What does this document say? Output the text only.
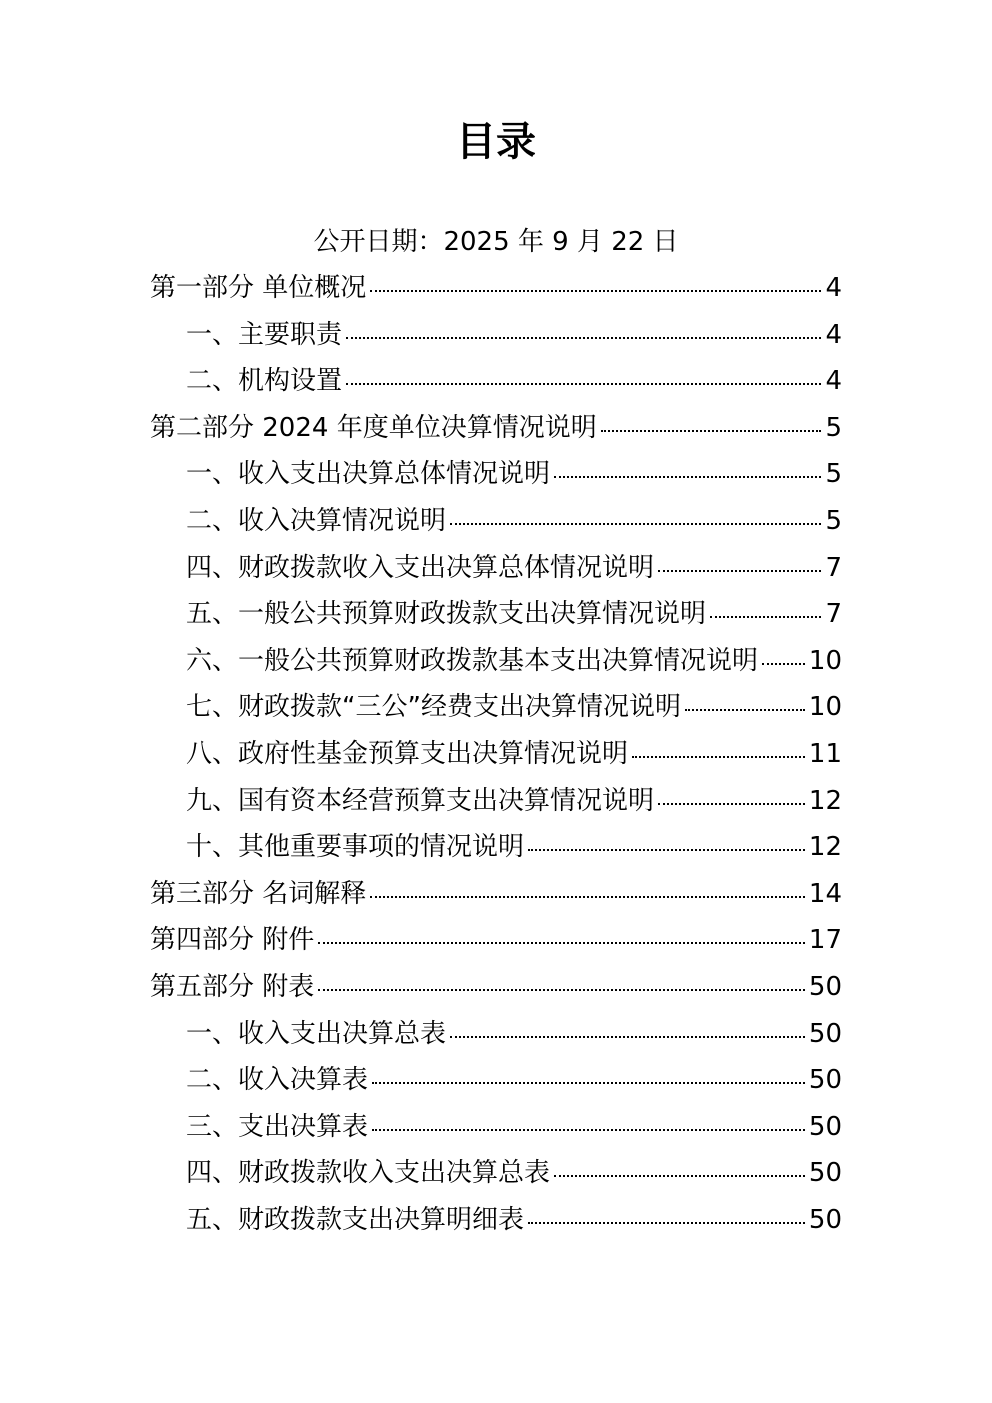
目录
公开日期：2025 年 9 月 22 日
第一部分 单位概况	4
一、主要职责	4
二、机构设置	4
第二部分 2024 年度单位决算情况说明	5
一、收入支出决算总体情况说明	5
二、收入决算情况说明	5
四、财政拨款收入支出决算总体情况说明	7
五、一般公共预算财政拨款支出决算情况说明	7
六、一般公共预算财政拨款基本支出决算情况说明 10
七、财政拨款“三公”经费支出决算情况说明	10
八、政府性基金预算支出决算情况说明	11
九、国有资本经营预算支出决算情况说明	12
十、其他重要事项的情况说明	12
第三部分 名词解释	14
第四部分 附件	17
第五部分 附表	50
一、收入支出决算总表	50
二、收入决算表	50
三、支出决算表	50
四、财政拨款收入支出决算总表	50
五、财政拨款支出决算明细表	50
